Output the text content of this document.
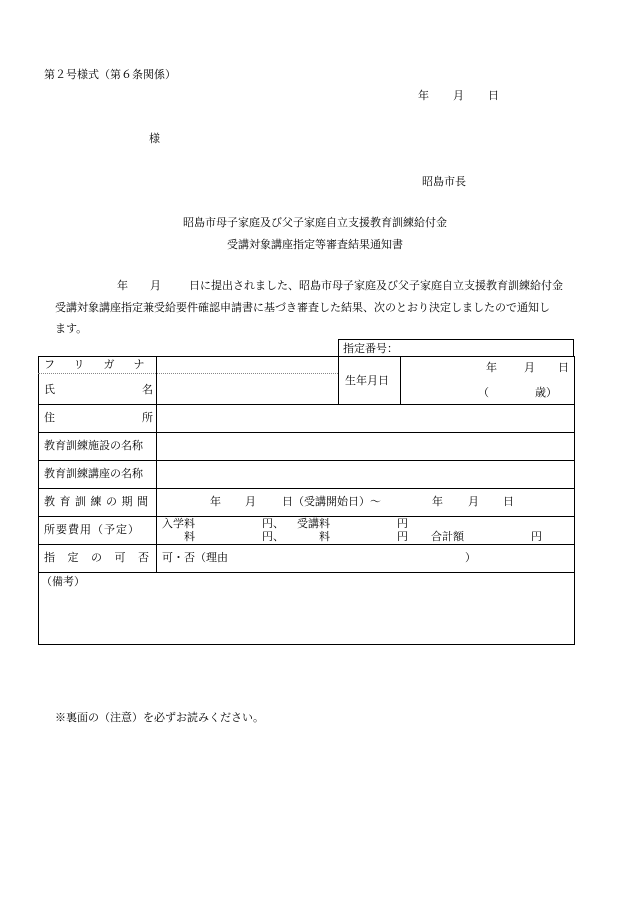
第２号様式（第６条関係）
年 月 日
様
昭島市長
昭島市母子家庭及び父子家庭自立支援教育訓練給付金
受講対象講座指定等審査結果通知書
年 月	日に提出されました、昭島市母子家庭及び父子家庭自立支援教育訓練給付金
受講対象講座指定兼受給要件確認申請書に基づき審査した結果、次のとおり決定しましたので通知し
ます。
指定番号：
フリガナ
氏名
生年月日
年 月 日
（	歳）
住所
教育訓練施設の名称
教育訓練講座の名称
教育訓練の期間	年 月 日（受講開始日）～	年 月 日
所要費用（予定） 入学料	円、 受講料	円
料	円、	料	円 合計額	円
指定の可否 可・否（理由	）
（備考）
※裏面の（注意）を必ずお読みください。
